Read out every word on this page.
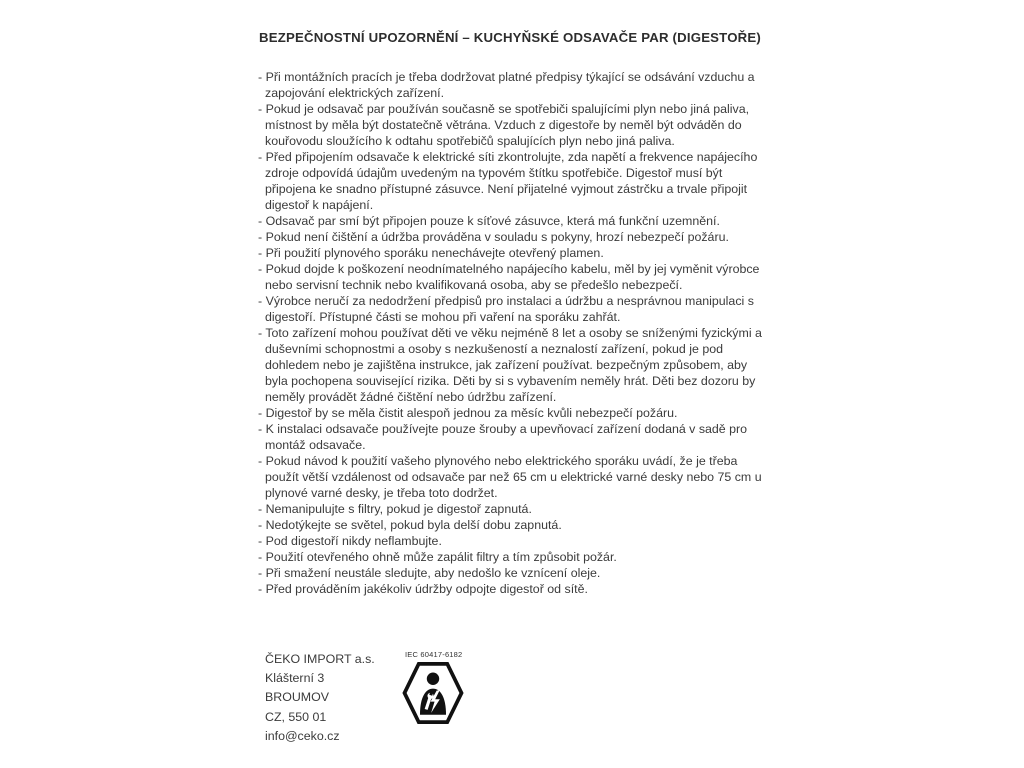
BEZPEČNOSTNÍ UPOZORNĚNÍ – KUCHYŇSKÉ ODSAVAČE PAR (DIGESTOŘE)

- Při montážních pracích je třeba dodržovat platné předpisy týkající se odsávání vzduchu a zapojování elektrických zařízení.

- Pokud je odsavač par používán současně se spotřebiči spalujícími plyn nebo jiná paliva, místnost by měla být dostatečně větrána. Vzduch z digestoře by neměl být odváděn do kouřovodu sloužícího k odtahu spotřebičů spalujících plyn nebo jiná paliva.

- Před připojením odsavače k elektrické síti zkontrolujte, zda napětí a frekvence napájecího zdroje odpovídá údajům uvedeným na typovém štítku spotřebiče. Digestoř musí být připojena ke snadno přístupné zásuvce. Není přijatelné vyjmout zástrčku a trvale připojit digestoř k napájení.

- Odsavač par smí být připojen pouze k síťové zásuvce, která má funkční uzemnění.

- Pokud není čištění a údržba prováděna v souladu s pokyny, hrozí nebezpečí požáru.

- Při použití plynového sporáku nenechávejte otevřený plamen.

- Pokud dojde k poškození neodnímatelného napájecího kabelu, měl by jej vyměnit výrobce nebo servisní technik nebo kvalifikovaná osoba, aby se předešlo nebezpečí.

- Výrobce neručí za nedodržení předpisů pro instalaci a údržbu a nesprávnou manipulaci s digestoří. Přístupné části se mohou při vaření na sporáku zahřát.

- Toto zařízení mohou používat děti ve věku nejméně 8 let a osoby se sníženými fyzickými a duševními schopnostmi a osoby s nezkušeností a neznalostí zařízení, pokud je pod dohledem nebo je zajištěna instrukce, jak zařízení používat. bezpečným způsobem, aby byla pochopena související rizika. Děti by si s vybavením neměly hrát. Děti bez dozoru by neměly provádět žádné čištění nebo údržbu zařízení.

- Digestoř by se měla čistit alespoň jednou za měsíc kvůli nebezpečí požáru.

- K instalaci odsavače používejte pouze šrouby a upevňovací zařízení dodaná v sadě pro montáž odsavače.

- Pokud návod k použití vašeho plynového nebo elektrického sporáku uvádí, že je třeba použít větší vzdálenost od odsavače par než 65 cm u elektrické varné desky nebo 75 cm u plynové varné desky, je třeba toto dodržet.

- Nemanipulujte s filtry, pokud je digestoř zapnutá.

- Nedotýkejte se světel, pokud byla delší dobu zapnutá.

- Pod digestoří nikdy neflambujte.

- Použití otevřeného ohně může zapálit filtry a tím způsobit požár.

- Při smažení neustále sledujte, aby nedošlo ke vznícení oleje.

- Před prováděním jakékoliv údržby odpojte digestoř od sítě.

ČEKO IMPORT a.s.
Klášterní 3
BROUMOV
CZ, 550 01
info@ceko.cz
IEC 60417-6182
